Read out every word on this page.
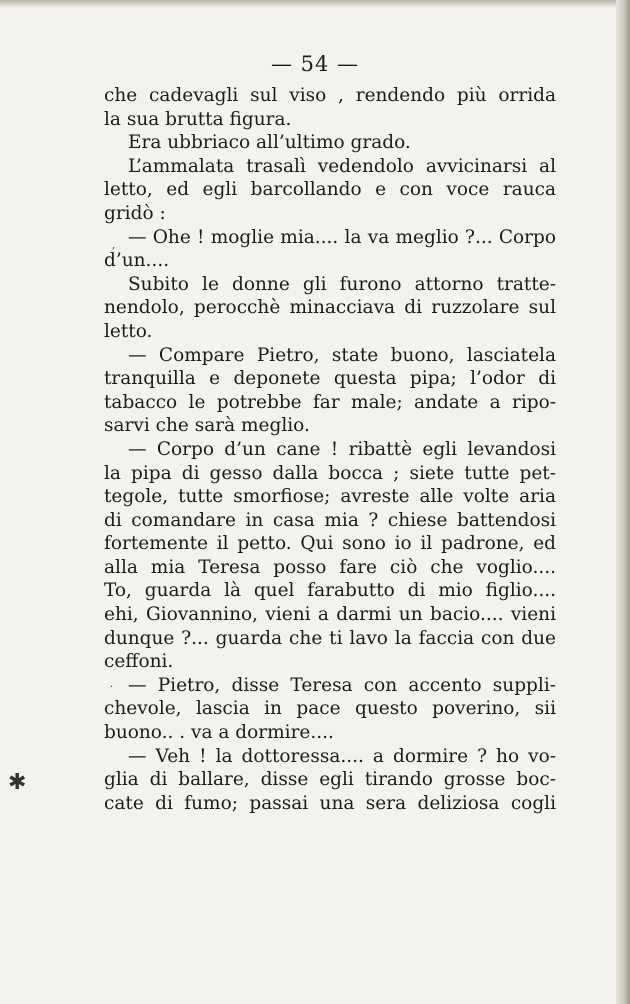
— 54 —
che cadevagli sul viso , rendendo più orrida
la sua brutta figura.
Era ubbriaco all’ultimo grado.
L’ammalata trasalì vedendolo avvicinarsi al
letto, ed egli barcollando e con voce rauca
gridò :
— Ohe ! moglie mia.... la va meglio ?... Corpo
d’un....
Subito le donne gli furono attorno tratte-
nendolo, perocchè minacciava di ruzzolare sul
letto.
— Compare Pietro, state buono, lasciatela
tranquilla e deponete questa pipa; l’odor di
tabacco le potrebbe far male; andate a ripo-
sarvi che sarà meglio.
— Corpo d’un cane ! ribattè egli levandosi
la pipa di gesso dalla bocca ; siete tutte pet-
tegole, tutte smorfiose; avreste alle volte aria
di comandare in casa mia ? chiese battendosi
fortemente il petto. Qui sono io il padrone, ed
alla mia Teresa posso fare ciò che voglio....
To, guarda là quel farabutto di mio figlio....
ehi, Giovannino, vieni a darmi un bacio.... vieni
dunque ?... guarda che ti lavo la faccia con due
ceffoni.
— Pietro, disse Teresa con accento suppli-
chevole, lascia in pace questo poverino, sii
buono.. . va a dormire....
— Veh ! la dottoressa.... a dormire ? ho vo-
glia di ballare, disse egli tirando grosse boc-
cate di fumo; passai una sera deliziosa cogli
,
✱
·
